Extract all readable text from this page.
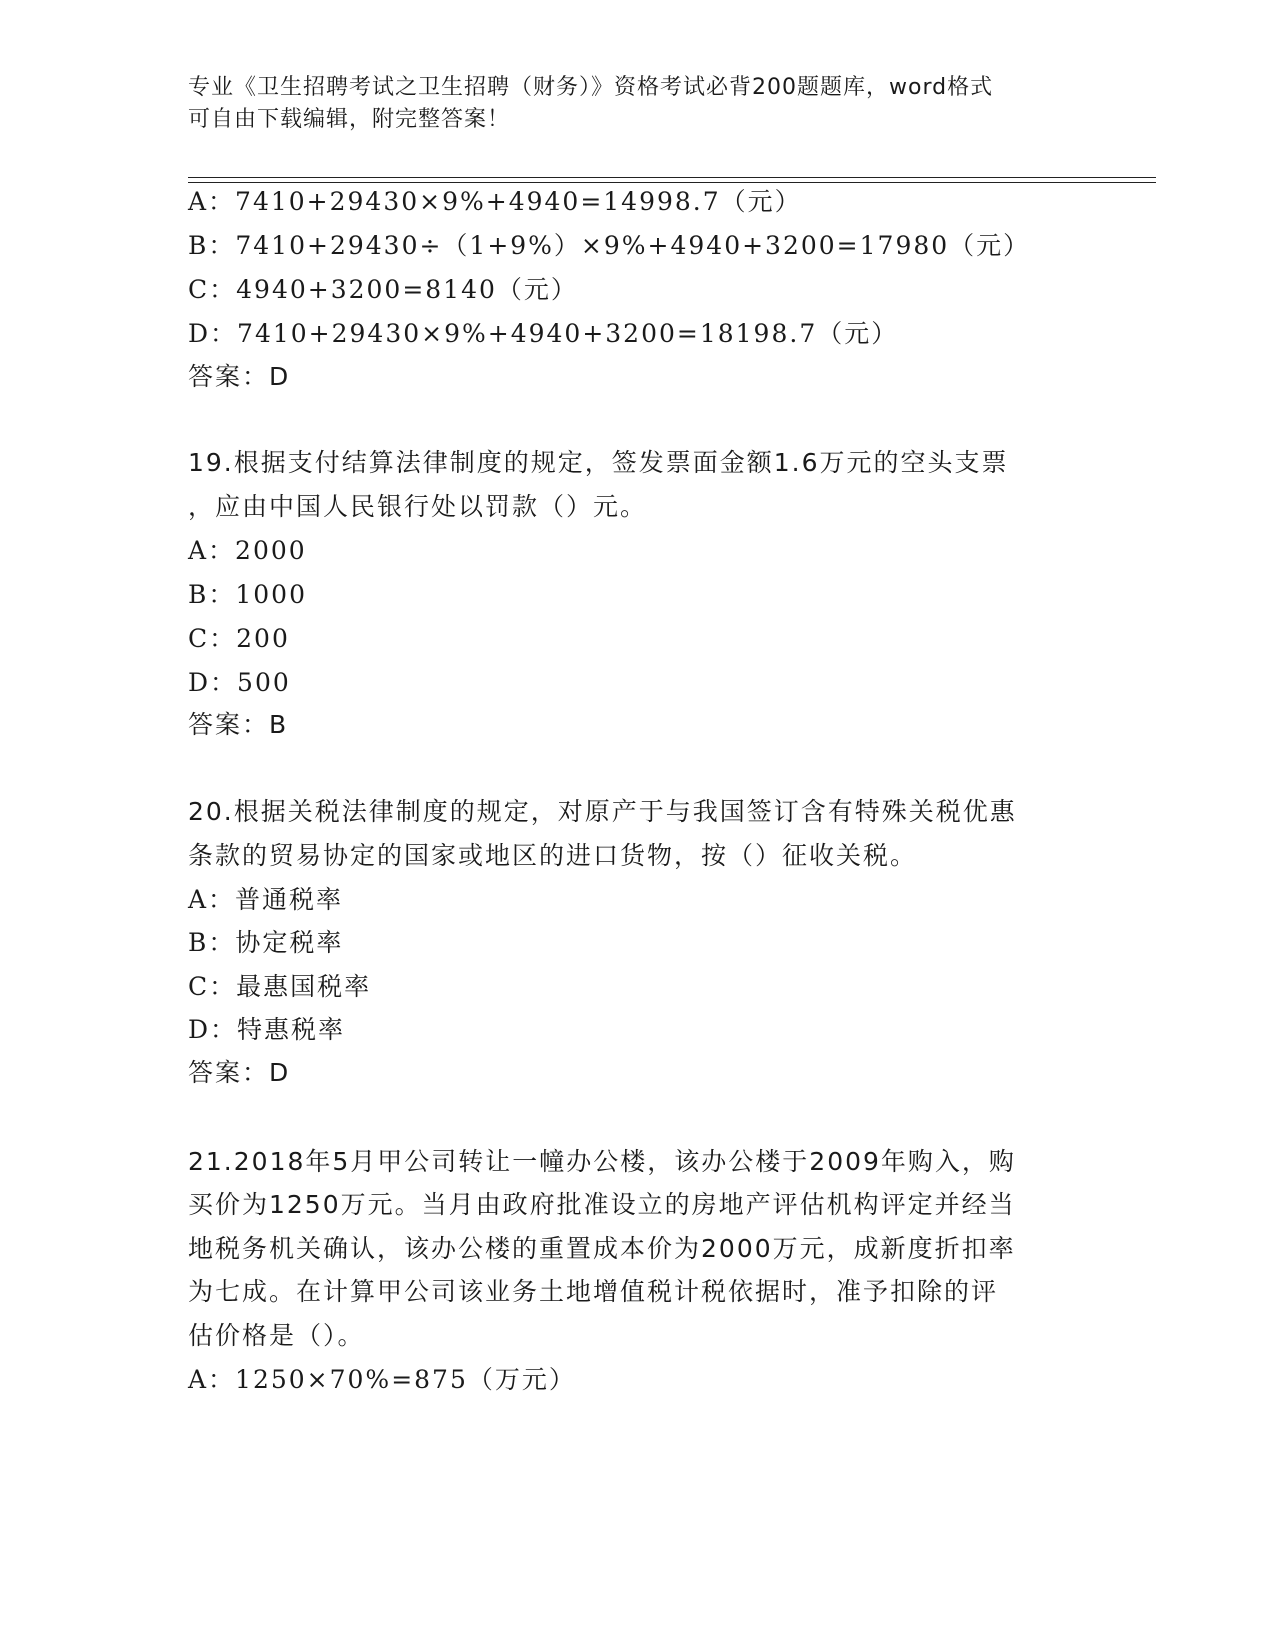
专业《卫生招聘考试之卫生招聘（财务）》资格考试必背200题题库，word格式
可自由下载编辑，附完整答案！
A：7410+29430×9%+4940=14998.7（元）
B：7410+29430÷（1+9%）×9%+4940+3200=17980（元）
C：4940+3200=8140（元）
D：7410+29430×9%+4940+3200=18198.7（元）
答案：D
19.根据支付结算法律制度的规定，签发票面金额1.6万元的空头支票
，应由中国人民银行处以罚款（）元。
A：2000
B：1000
C：200
D：500
答案：B
20.根据关税法律制度的规定，对原产于与我国签订含有特殊关税优惠
条款的贸易协定的国家或地区的进口货物，按（）征收关税。
A：普通税率
B：协定税率
C：最惠国税率
D：特惠税率
答案：D
21.2018年5月甲公司转让一幢办公楼，该办公楼于2009年购入，购
买价为1250万元。当月由政府批准设立的房地产评估机构评定并经当
地税务机关确认，该办公楼的重置成本价为2000万元，成新度折扣率
为七成。在计算甲公司该业务土地增值税计税依据时，准予扣除的评
估价格是（）。
A：1250×70%=875（万元）
